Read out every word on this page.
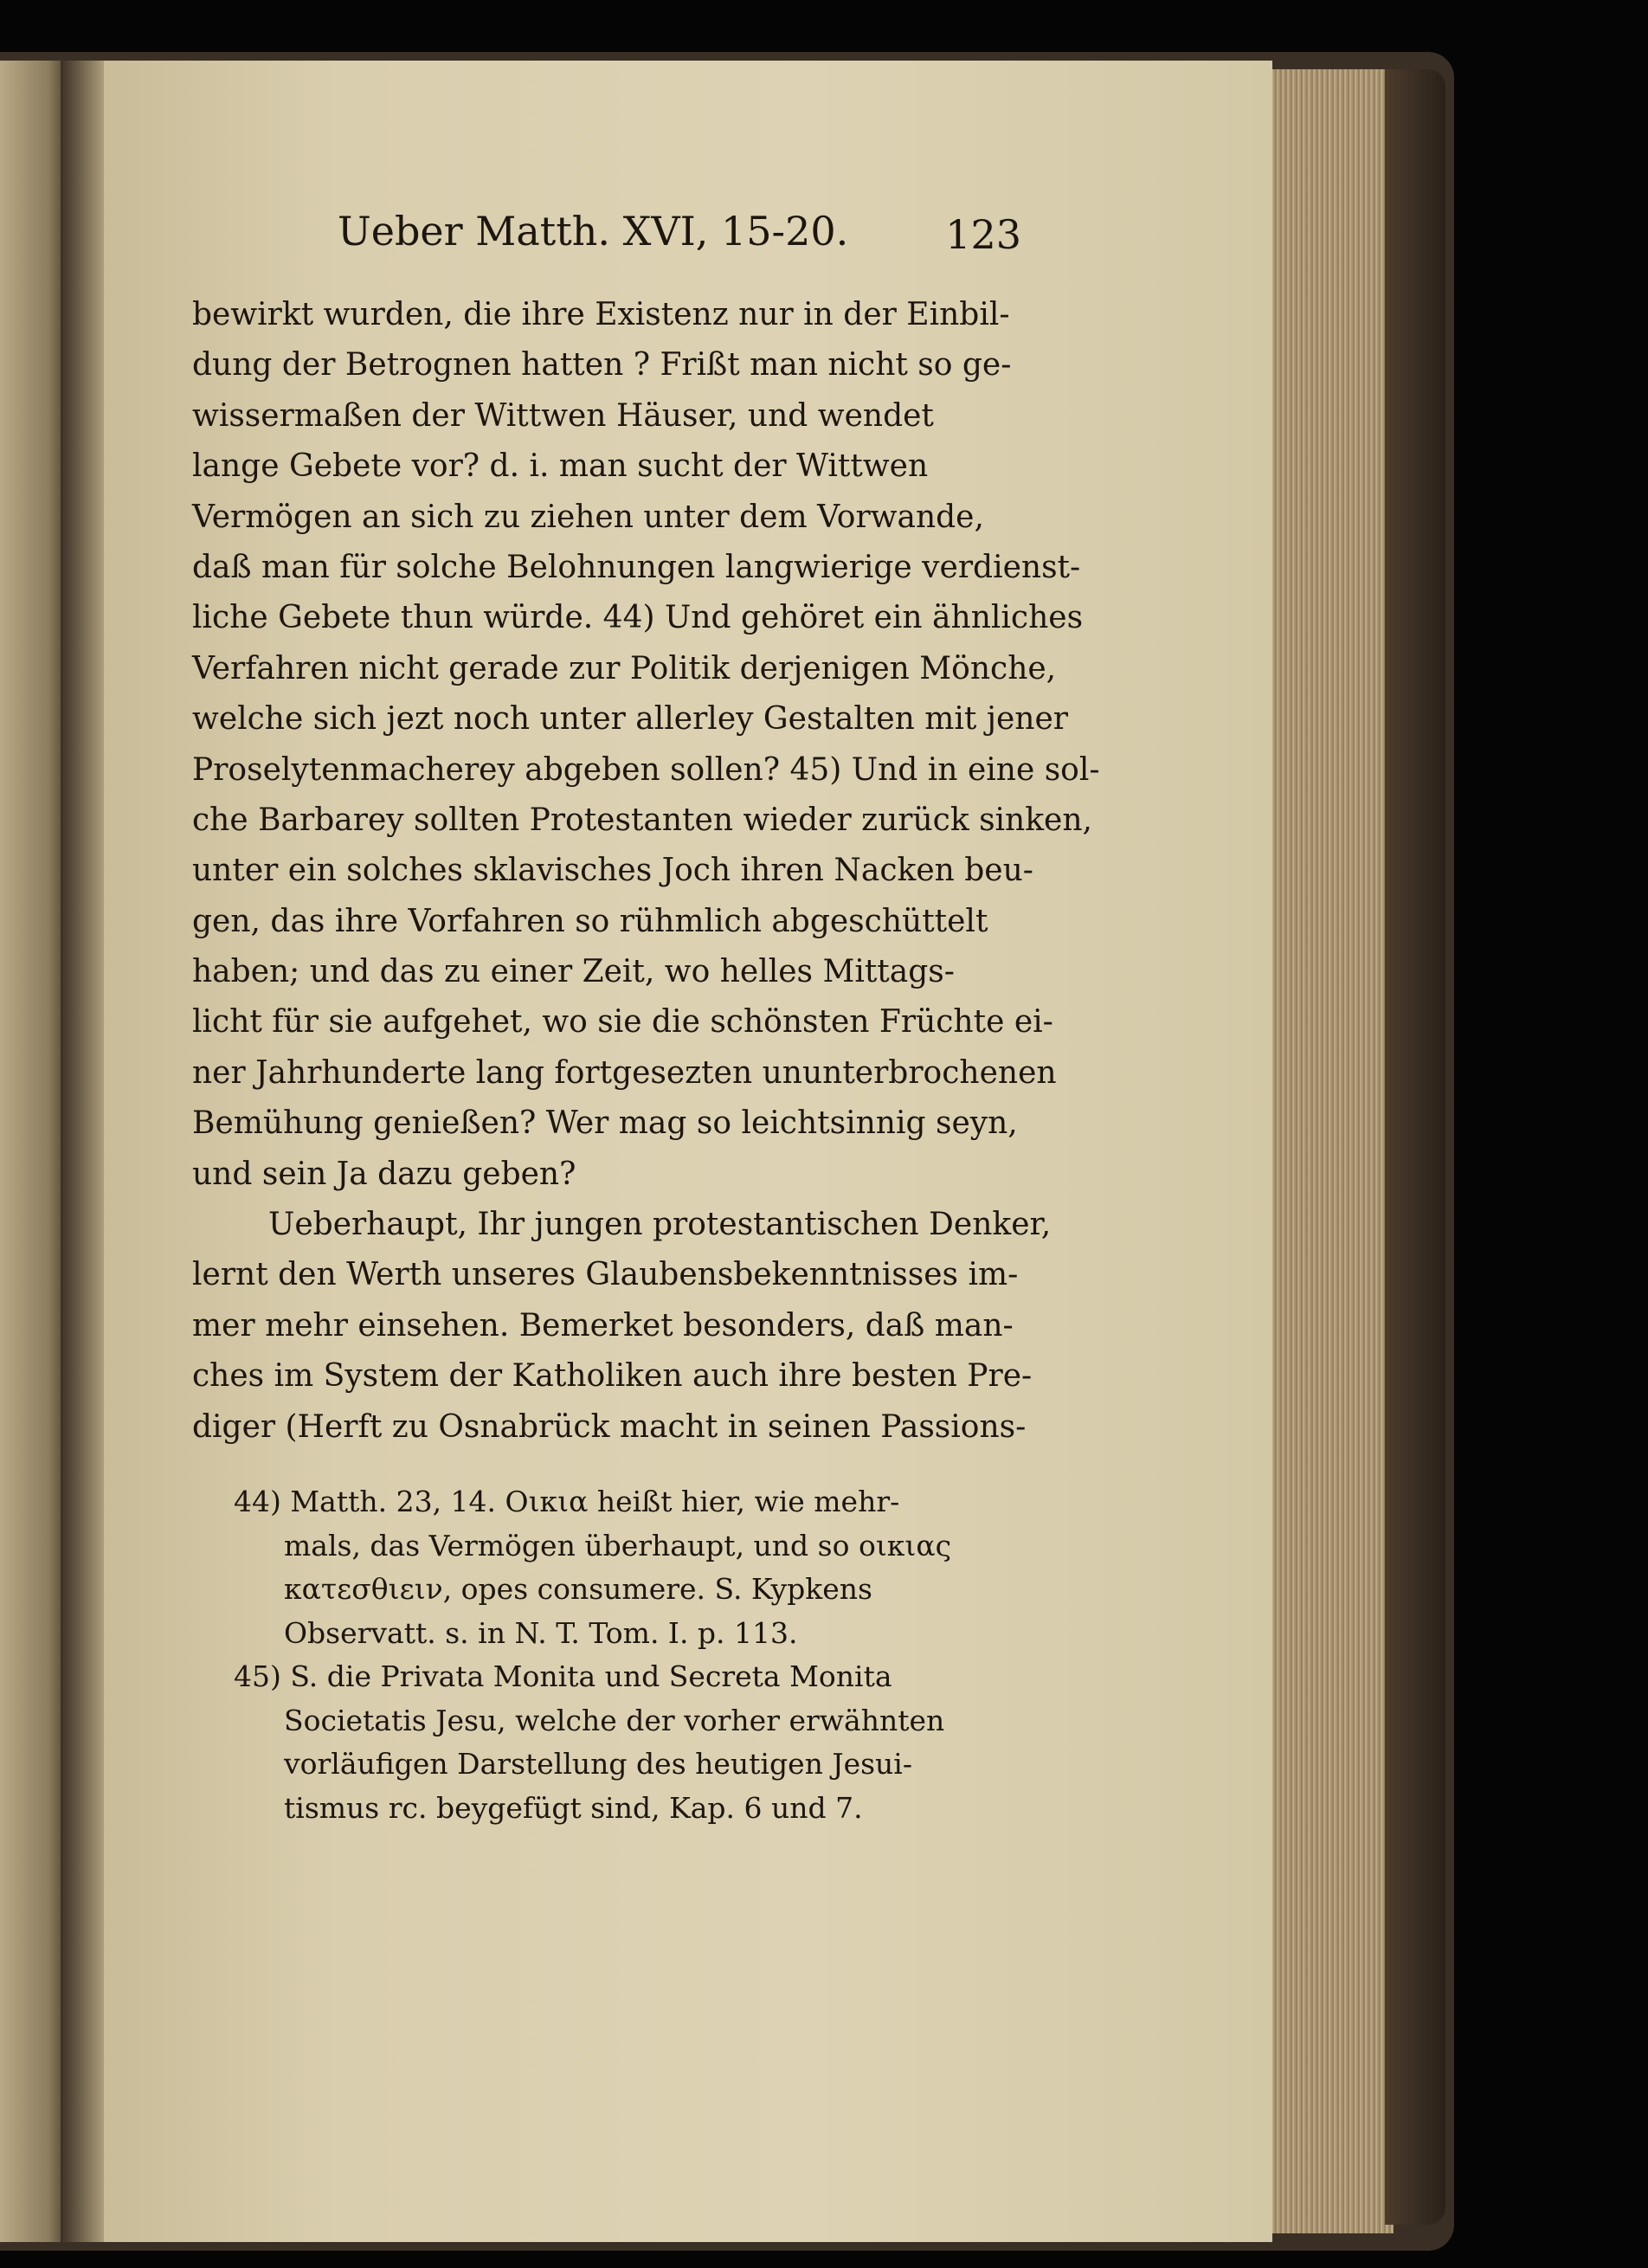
Ueber Matth. XVI, 15-20.	123
bewirkt wurden, die ihre Existenz nur in der Einbil-
dung der Betrognen hatten ? Frißt man nicht so ge-
wissermaßen der Wittwen Häuser, und wendet
lange Gebete vor? d. i. man sucht der Wittwen
Vermögen an sich zu ziehen unter dem Vorwande,
daß man für solche Belohnungen langwierige verdienst-
liche Gebete thun würde. 44) Und gehöret ein ähnliches
Verfahren nicht gerade zur Politik derjenigen Mönche,
welche sich jezt noch unter allerley Gestalten mit jener
Proselytenmacherey abgeben sollen? 45) Und in eine sol-
che Barbarey sollten Protestanten wieder zurück sinken,
unter ein solches sklavisches Joch ihren Nacken beu-
gen, das ihre Vorfahren so rühmlich abgeschüttelt
haben; und das zu einer Zeit, wo helles Mittags-
licht für sie aufgehet, wo sie die schönsten Früchte ei-
ner Jahrhunderte lang fortgesezten ununterbrochenen
Bemühung genießen? Wer mag so leichtsinnig seyn,
und sein Ja dazu geben?
Ueberhaupt, Ihr jungen protestantischen Denker,
lernt den Werth unseres Glaubensbekenntnisses im-
mer mehr einsehen. Bemerket besonders, daß man-
ches im System der Katholiken auch ihre besten Pre-
diger (Herft zu Osnabrück macht in seinen Passions-
44) Matth. 23, 14. Οικια heißt hier, wie mehr-
mals, das Vermögen überhaupt, und so οικιας
κατεσθιειν, opes consumere. S. Kypkens
Observatt. s. in N. T. Tom. I. p. 113.
45) S. die Privata Monita und Secreta Monita
Societatis Jesu, welche der vorher erwähnten
vorläufigen Darstellung des heutigen Jesui-
tismus rc. beygefügt sind, Kap. 6 und 7.
